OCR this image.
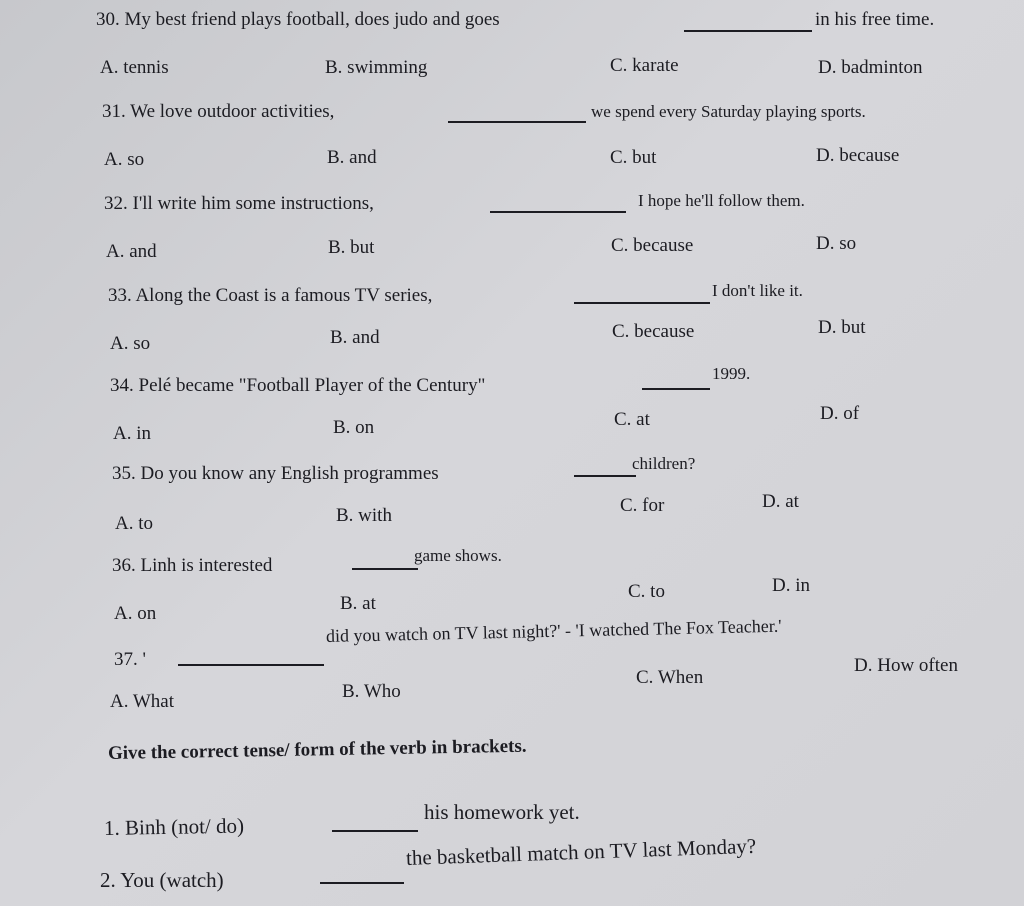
30. My best friend plays football, does judo and goes	in his free time.
A. tennis	B. swimming	C. karate	D. badminton
31. We love outdoor activities,	we spend every Saturday playing sports.
A. so	B. and	C. but	D. because
32. I'll write him some instructions,	I hope he'll follow them.
A. and	B. but	C. because	D. so
33. Along the Coast is a famous TV series,	I don't like it.
A. so	B. and	C. because	D. but
34. Pelé became "Football Player of the Century"
1999.
A. in	B. on	C. at	D. of
35. Do you know any English programmes	children?
A. to	B. with	C. for	D. at
36. Linh is interested	game shows.
A. on	B. at
C. to	D. in
37. '
did you watch on TV last night?' - 'I watched The Fox Teacher.'
A. What	B. Who
C. When
D. How often
Give the correct tense/ form of the verb in brackets.
1. Binh (not/ do)
his homework yet.
2. You (watch)
the basketball match on TV last Monday?
